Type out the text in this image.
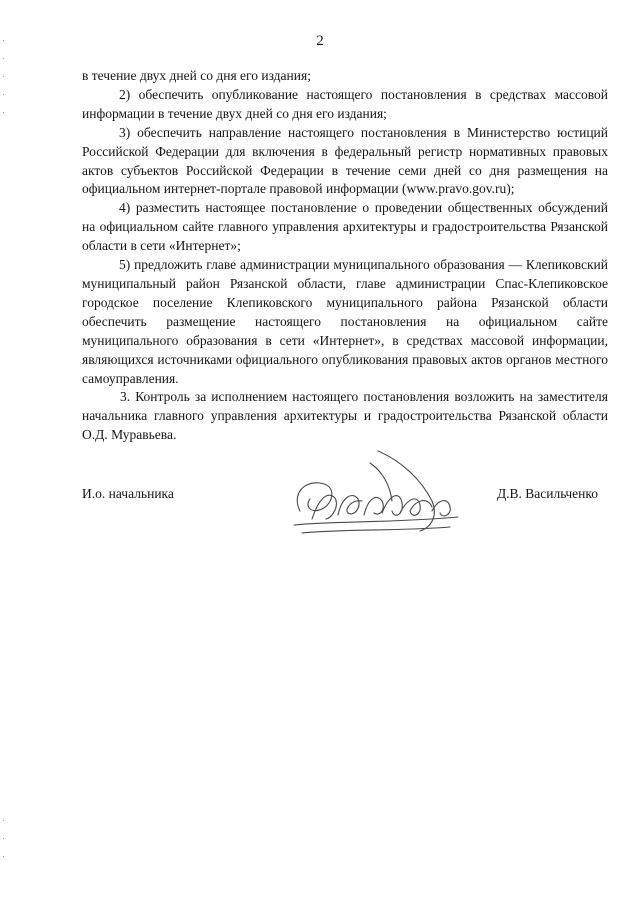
2

в течение двух дней со дня его издания;

2) обеспечить опубликование настоящего постановления в средствах массовой информации в течение двух дней со дня его издания;

3) обеспечить направление настоящего постановления в Министерство юстиций Российской Федерации для включения в федеральный регистр нормативных правовых актов субъектов Российской Федерации в течение семи дней со дня размещения на официальном интернет-портале правовой информации (www.pravo.gov.ru);

4) разместить настоящее постановление о проведении общественных обсуждений на официальном сайте главного управления архитектуры и градостроительства Рязанской области в сети «Интернет»;

5) предложить главе администрации муниципального образования — Клепиковский муниципальный район Рязанской области, главе администрации Спас-Клепиковское городское поселение Клепиковского муниципального района Рязанской области обеспечить размещение настоящего постановления на официальном сайте муниципального образования в сети «Интернет», в средствах массовой информации, являющихся источниками официального опубликования правовых актов органов местного самоуправления.

3. Контроль за исполнением настоящего постановления возложить на заместителя начальника главного управления архитектуры и градостроительства Рязанской области О.Д. Муравьева.

И.о. начальника	Д.В. Васильченко
